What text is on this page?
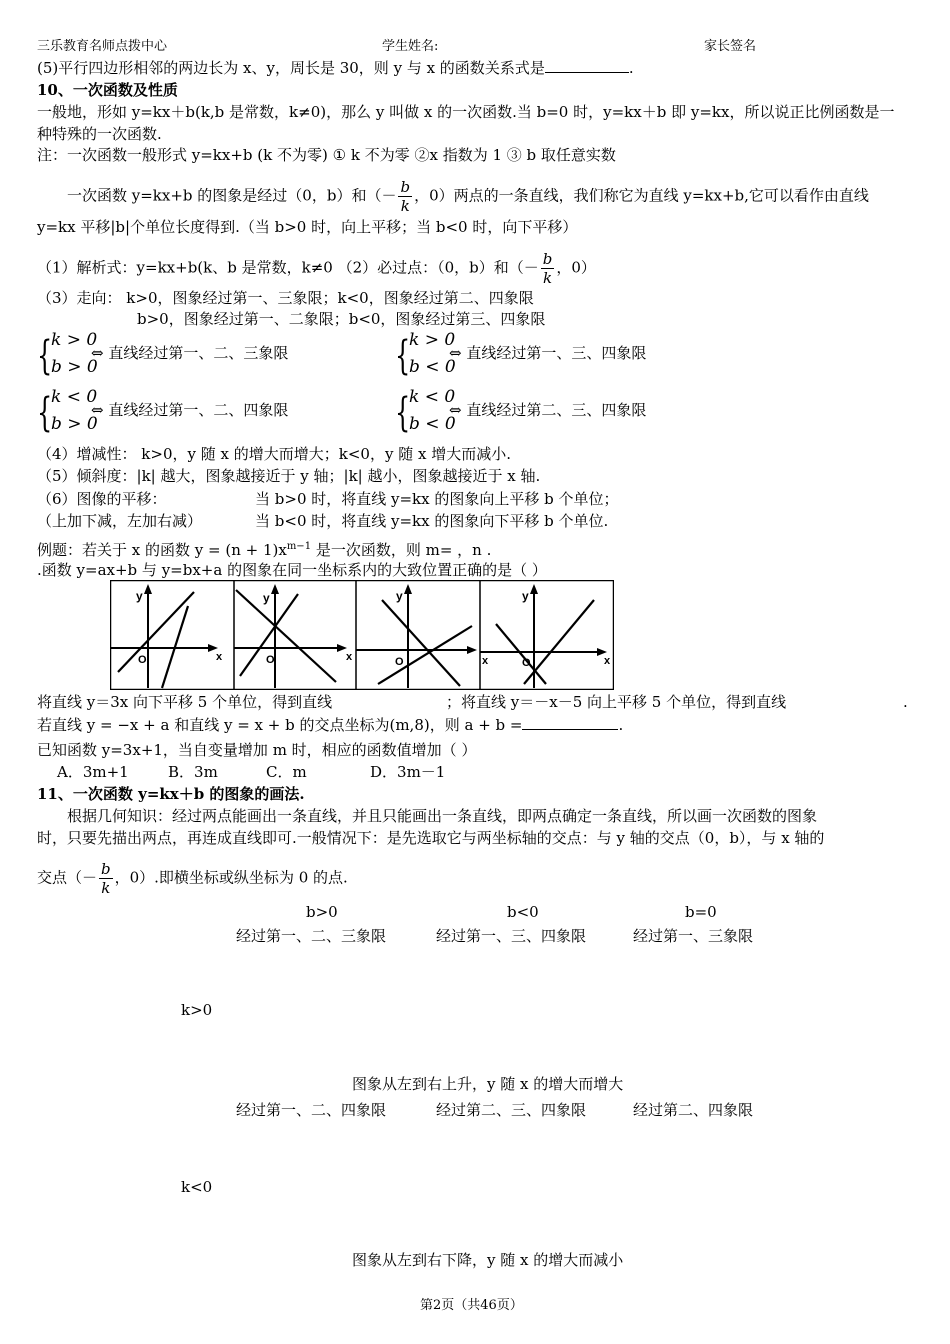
三乐教育名师点拨中心	学生姓名:	家长签名
(5)平行四边形相邻的两边长为 x、y，周长是 30，则 y 与 x 的函数关系式是	.
10、一次函数及性质
一般地，形如 y=kx＋b(k,b 是常数，k≠0)，那么 y 叫做 x 的一次函数.当 b=0 时，y=kx＋b 即 y=kx，所以说正比例函数是一
种特殊的一次函数.
注：一次函数一般形式 y=kx+b (k 不为零) ① k 不为零 ②x 指数为 1 ③ b 取任意实数
一次函数 y=kx+b 的图象是经过（0，b）和（－ $\frac{b}{k}$ ，0）两点的一条直线，我们称它为直线 y=kx+b,它可以看作由直线
y=kx 平移|b|个单位长度得到.（当 b>0 时，向上平移；当 b<0 时，向下平移）
（1）解析式：y=kx+b(k、b 是常数，k≠0 （2）必过点：（0，b）和（－ $\frac{b}{k}$ ，0）
（3）走向： k>0，图象经过第一、三象限；k<0，图象经过第二、四象限
b>0，图象经过第一、二象限；b<0，图象经过第三、四象限
{
k > 0
b > 0
⇔ 直线经过第一、二、三象限	{
k > 0
b < 0
⇔ 直线经过第一、三、四象限
{
k < 0
b > 0
⇔ 直线经过第一、二、四象限	{
k < 0
b < 0
⇔ 直线经过第二、三、四象限
（4）增减性： k>0，y 随 x 的增大而增大；k<0，y 随 x 增大而减小.
（5）倾斜度：|k| 越大，图象越接近于 y 轴；|k| 越小，图象越接近于 x 轴.
（6）图像的平移：	当 b>0 时，将直线 y=kx 的图象向上平移 b 个单位；
（上加下减，左加右减）	当 b<0 时，将直线 y=kx 的图象向下平移 b 个单位.
例题：若关于 x 的函数 $y = (n + 1)x^{m-1}$ 是一次函数，则 m= ，n .
.函数 y=ax+b 与 y=bx+a 的图象在同一坐标系内的大致位置正确的是（ ）
y
O	x
y
O	x
y
O
y
x	O	x
将直线 y＝3x 向下平移 5 个单位，得到直线	；将直线 y＝－x－5 向上平移 5 个单位，得到直线	.
若直线 y = −x + a 和直线 y = x + b 的交点坐标为(m,8)，则 a + b =	.
已知函数 y=3x+1，当自变量增加 m 时，相应的函数值增加（ ）
A．3m+1	B．3m	C．m	D．3m－1
11、一次函数 y=kx＋b 的图象的画法.
根据几何知识：经过两点能画出一条直线，并且只能画出一条直线，即两点确定一条直线，所以画一次函数的图象
时，只要先描出两点，再连成直线即可.一般情况下：是先选取它与两坐标轴的交点：与 y 轴的交点（0，b），与 x 轴的
交点（－ $\frac{b}{k}$ ，0）.即横坐标或纵坐标为 0 的点.
b>0	b<0	b=0
经过第一、二、三象限	经过第一、三、四象限	经过第一、三象限
k>0
图象从左到右上升，y 随 x 的增大而增大
经过第一、二、四象限	经过第二、三、四象限	经过第二、四象限
k<0
图象从左到右下降，y 随 x 的增大而减小
第2页（共46页）
